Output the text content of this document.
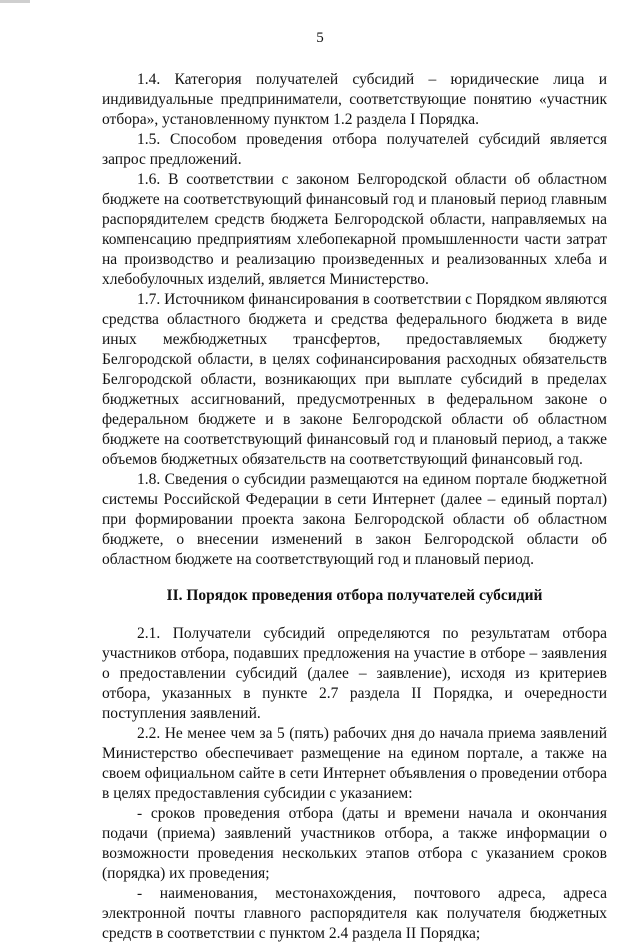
5

1.4. Категория получателей субсидий – юридические лица и индивидуальные предприниматели, соответствующие понятию «участник отбора», установленному пунктом 1.2 раздела I Порядка.

1.5. Способом проведения отбора получателей субсидий является запрос предложений.

1.6. В соответствии с законом Белгородской области об областном бюджете на соответствующий финансовый год и плановый период главным распорядителем средств бюджета Белгородской области, направляемых на компенсацию предприятиям хлебопекарной промышленности части затрат на производство и реализацию произведенных и реализованных хлеба и хлебобулочных изделий, является Министерство.

1.7. Источником финансирования в соответствии с Порядком являются средства областного бюджета и средства федерального бюджета в виде иных межбюджетных трансфертов, предоставляемых бюджету Белгородской области, в целях софинансирования расходных обязательств Белгородской области, возникающих при выплате субсидий в пределах бюджетных ассигнований, предусмотренных в федеральном законе о федеральном бюджете и в законе Белгородской области об областном бюджете на соответствующий финансовый год и плановый период, а также объемов бюджетных обязательств на соответствующий финансовый год.

1.8. Сведения о субсидии размещаются на едином портале бюджетной системы Российской Федерации в сети Интернет (далее – единый портал) при формировании проекта закона Белгородской области об областном бюджете, о внесении изменений в закон Белгородской области об областном бюджете на соответствующий год и плановый период.

II. Порядок проведения отбора получателей субсидий

2.1. Получатели субсидий определяются по результатам отбора участников отбора, подавших предложения на участие в отборе – заявления о предоставлении субсидий (далее – заявление), исходя из критериев отбора, указанных в пункте 2.7 раздела II Порядка, и очередности поступления заявлений.

2.2. Не менее чем за 5 (пять) рабочих дня до начала приема заявлений Министерство обеспечивает размещение на едином портале, а также на своем официальном сайте в сети Интернет объявления о проведении отбора в целях предоставления субсидии с указанием:

- сроков проведения отбора (даты и времени начала и окончания подачи (приема) заявлений участников отбора, а также информации о возможности проведения нескольких этапов отбора с указанием сроков (порядка) их проведения;

- наименования, местонахождения, почтового адреса, адреса электронной почты главного распорядителя как получателя бюджетных средств в соответствии с пунктом 2.4 раздела II Порядка;
